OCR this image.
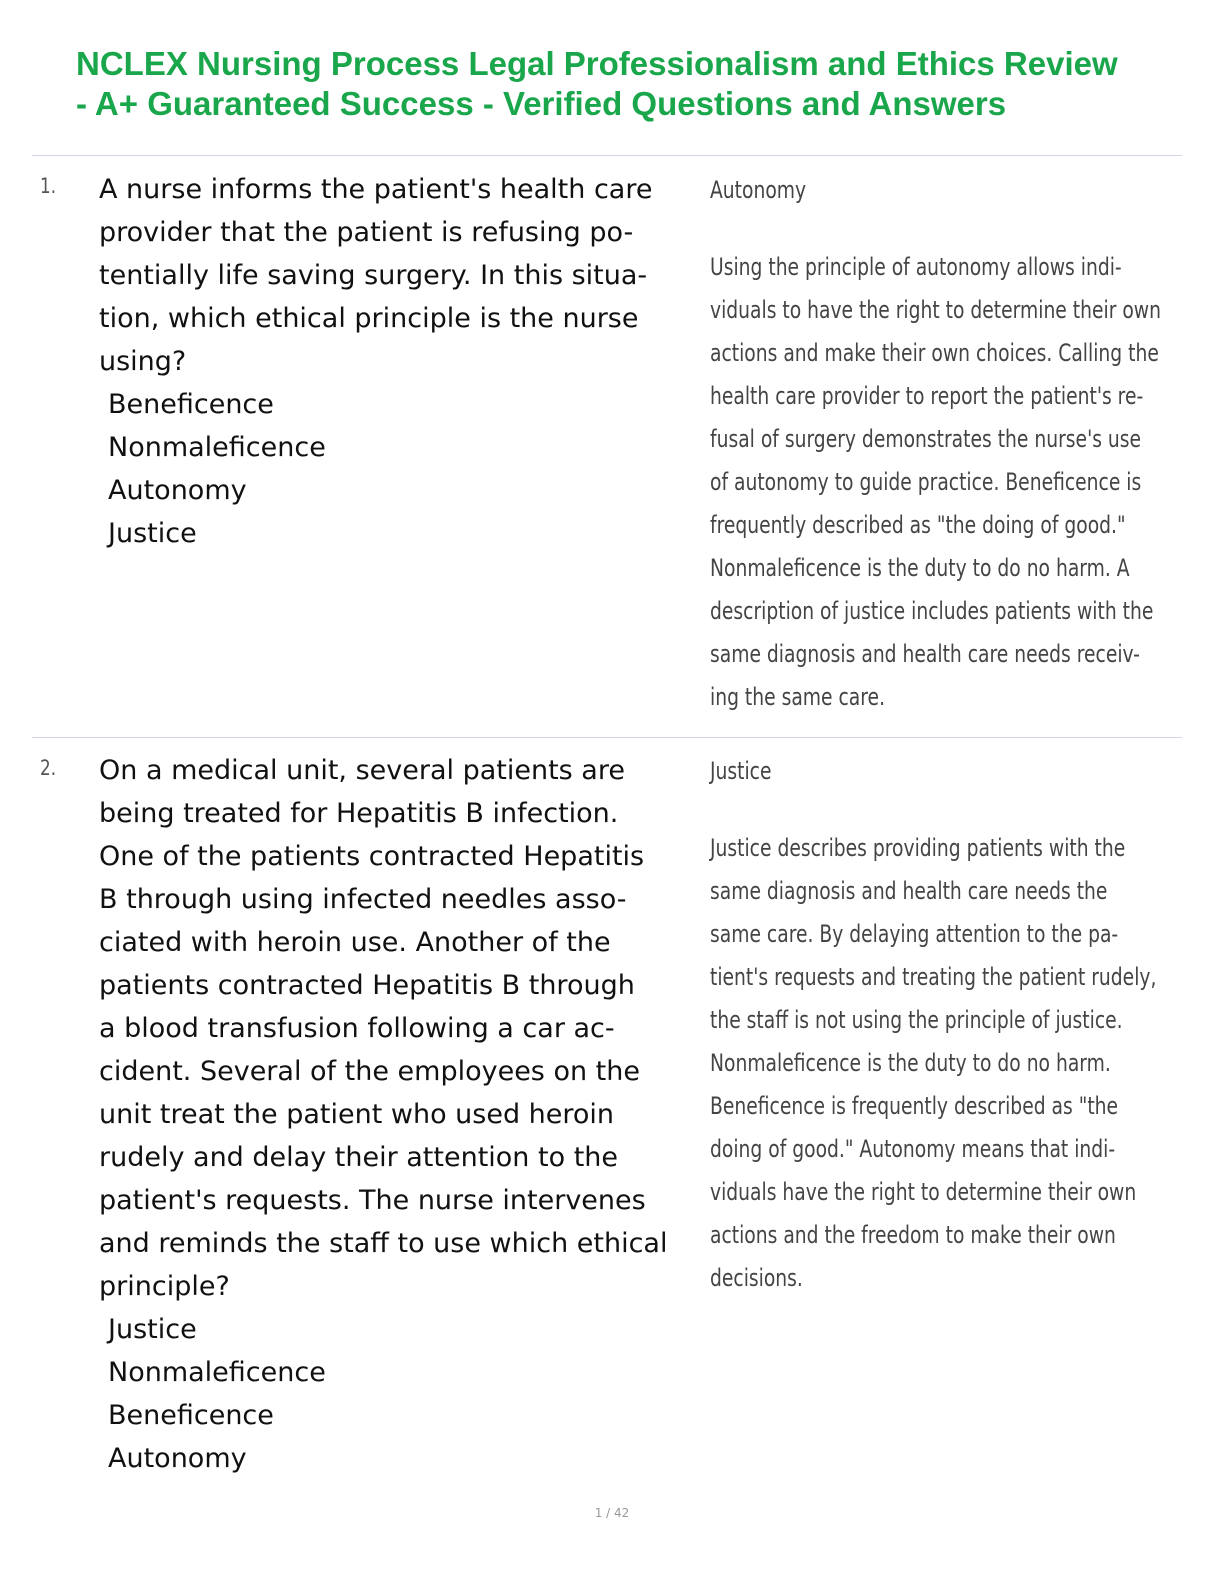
NCLEX Nursing Process Legal Professionalism and Ethics Review
- A+ Guaranteed Success - Verified Questions and Answers
1. A nurse informs the patient's health care
provider that the patient is refusing po-
tentially life saving surgery. In this situa-
tion, which ethical principle is the nurse
using?
Beneficence
Nonmaleficence
Autonomy
Justice
Autonomy
Using the principle of autonomy allows indi-
viduals to have the right to determine their own
actions and make their own choices. Calling the
health care provider to report the patient's re-
fusal of surgery demonstrates the nurse's use
of autonomy to guide practice. Beneficence is
frequently described as "the doing of good."
Nonmaleficence is the duty to do no harm. A
description of justice includes patients with the
same diagnosis and health care needs receiv-
ing the same care.
2. On a medical unit, several patients are
being treated for Hepatitis B infection.
One of the patients contracted Hepatitis
B through using infected needles asso-
ciated with heroin use. Another of the
patients contracted Hepatitis B through
a blood transfusion following a car ac-
cident. Several of the employees on the
unit treat the patient who used heroin
rudely and delay their attention to the
patient's requests. The nurse intervenes
and reminds the staff to use which ethical
principle?
Justice
Nonmaleficence
Beneficence
Autonomy
Justice
Justice describes providing patients with the
same diagnosis and health care needs the
same care. By delaying attention to the pa-
tient's requests and treating the patient rudely,
the staff is not using the principle of justice.
Nonmaleficence is the duty to do no harm.
Beneficence is frequently described as "the
doing of good." Autonomy means that indi-
viduals have the right to determine their own
actions and the freedom to make their own
decisions.
1 / 42
